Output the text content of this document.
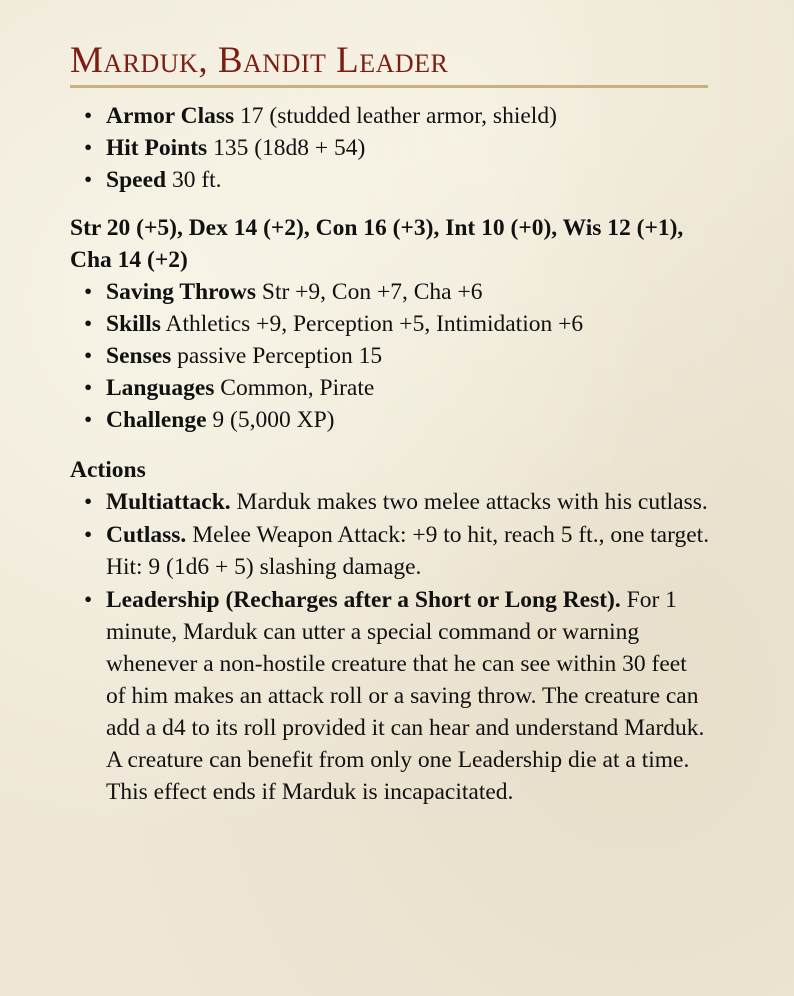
Marduk, Bandit Leader
• Armor Class 17 (studded leather armor, shield)
• Hit Points 135 (18d8 + 54)
• Speed 30 ft.

Str 20 (+5), Dex 14 (+2), Con 16 (+3), Int 10 (+0), Wis 12 (+1), Cha 14 (+2)

• Saving Throws Str +9, Con +7, Cha +6
• Skills Athletics +9, Perception +5, Intimidation +6
• Senses passive Perception 15
• Languages Common, Pirate
• Challenge 9 (5,000 XP)

Actions

• Multiattack. Marduk makes two melee attacks with his cutlass.
• Cutlass. Melee Weapon Attack: +9 to hit, reach 5 ft., one target. Hit: 9 (1d6 + 5) slashing damage.
• Leadership (Recharges after a Short or Long Rest). For 1 minute, Marduk can utter a special command or warning whenever a non-hostile creature that he can see within 30 feet of him makes an attack roll or a saving throw. The creature can add a d4 to its roll provided it can hear and understand Marduk. A creature can benefit from only one Leadership die at a time. This effect ends if Marduk is incapacitated.
